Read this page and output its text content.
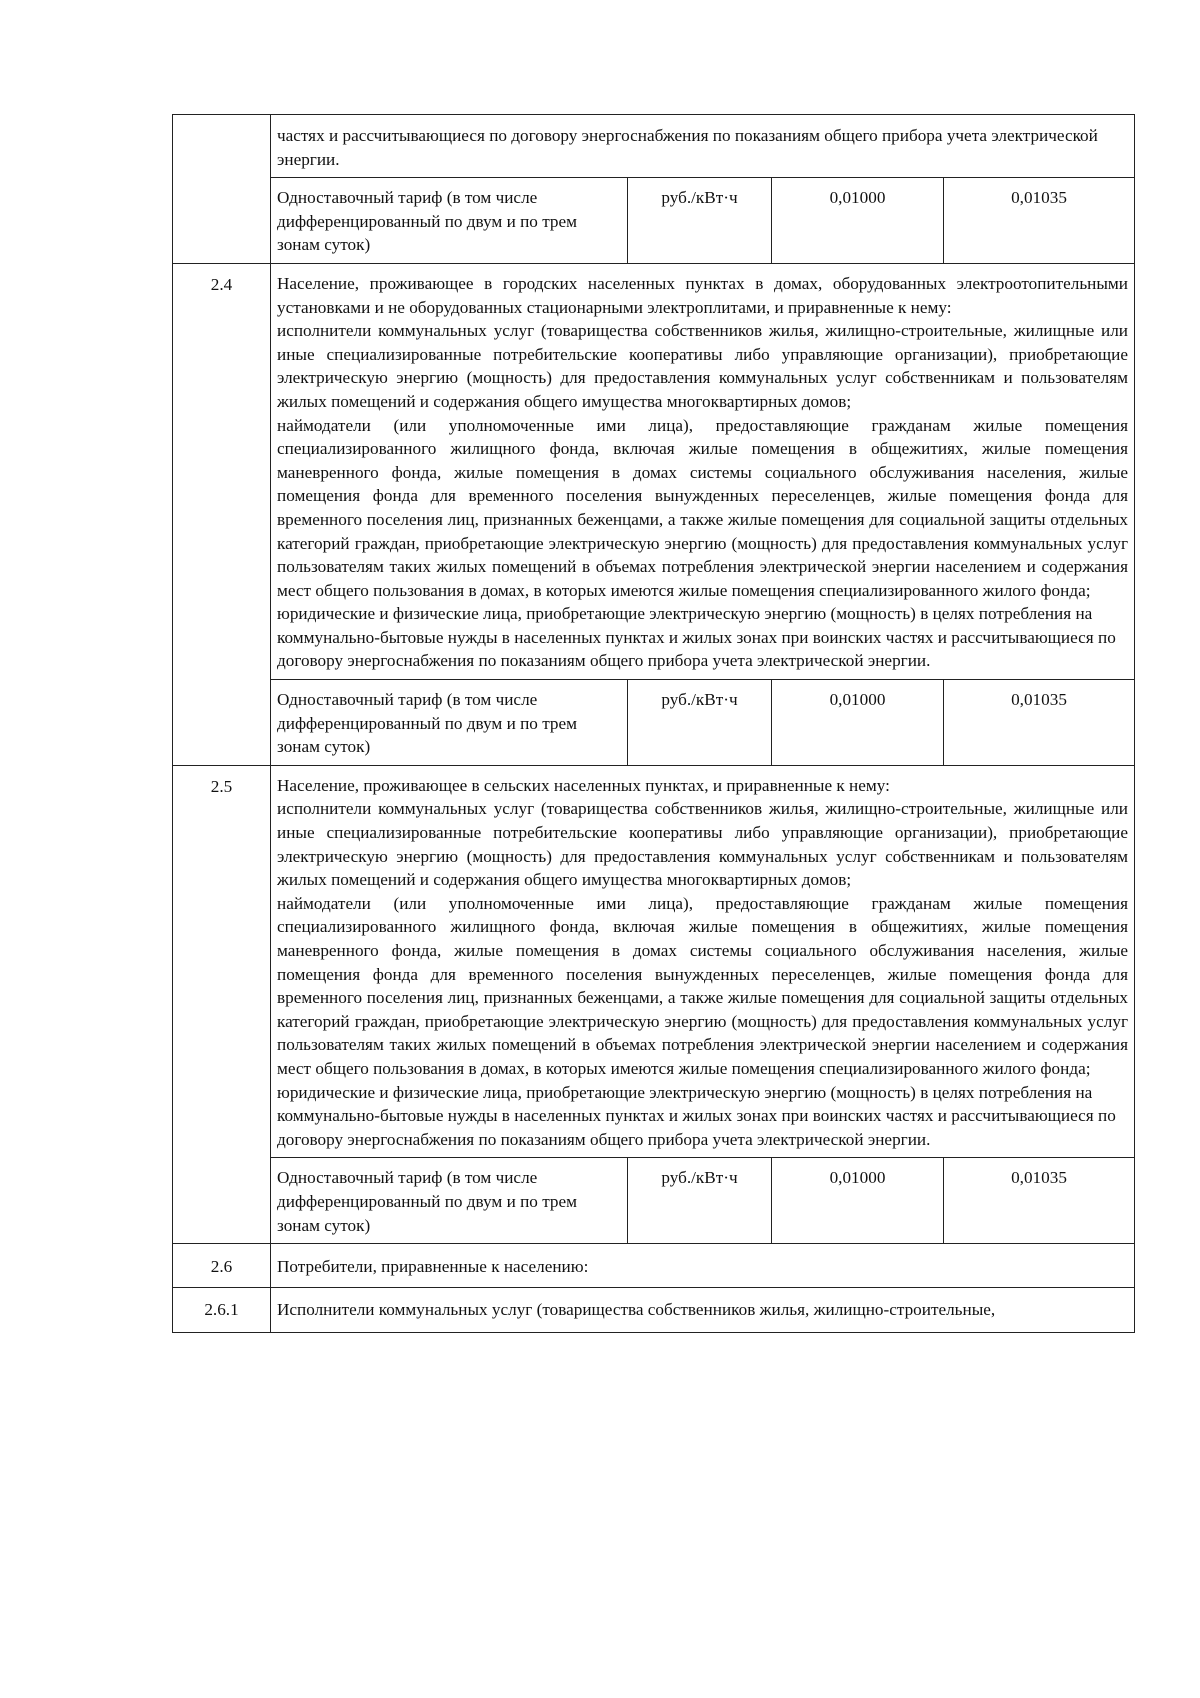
	частях и рассчитывающиеся по договору энергоснабжения по показаниям общего прибора учета электрической энергии.			

	Одноставочный тариф (в том числе дифференцированный по двум и по трем зонам суток)	руб./кВт·ч	0,01000	0,01035
2.4	Население, проживающее в городских населенных пунктах в домах, оборудованных электроотопительными установками и не оборудованных стационарными электроплитами, и приравненные к нему:

исполнители коммунальных услуг (товарищества собственников жилья, жилищно-строительные, жилищные или иные специализированные потребительские кооперативы либо управляющие организации), приобретающие электрическую энергию (мощность) для предоставления коммунальных услуг собственникам и пользователям жилых помещений и содержания общего имущества многоквартирных домов;

наймодатели (или уполномоченные ими лица), предоставляющие гражданам жилые помещения специализированного жилищного фонда, включая жилые помещения в общежитиях, жилые помещения маневренного фонда, жилые помещения в домах системы социального обслуживания населения, жилые помещения фонда для временного поселения вынужденных переселенцев, жилые помещения фонда для временного поселения лиц, признанных беженцами, а также жилые помещения для социальной защиты отдельных категорий граждан, приобретающие электрическую энергию (мощность) для предоставления коммунальных услуг пользователям таких жилых помещений в объемах потребления электрической энергии населением и содержания мест общего пользования в домах, в которых имеются жилые помещения специализированного жилого фонда;

юридические и физические лица, приобретающие электрическую энергию (мощность) в целях потребления на коммунально-бытовые нужды в населенных пунктах и жилых зонах при воинских частях и рассчитывающиеся по договору энергоснабжения по показаниям общего прибора учета электрической энергии.			

	Одноставочный тариф (в том числе дифференцированный по двум и по трем зонам суток)	руб./кВт·ч	0,01000	0,01035
2.5	Население, проживающее в сельских населенных пунктах, и приравненные к нему:

исполнители коммунальных услуг (товарищества собственников жилья, жилищно-строительные, жилищные или иные специализированные потребительские кооперативы либо управляющие организации), приобретающие электрическую энергию (мощность) для предоставления коммунальных услуг собственникам и пользователям жилых помещений и содержания общего имущества многоквартирных домов;

наймодатели (или уполномоченные ими лица), предоставляющие гражданам жилые помещения специализированного жилищного фонда, включая жилые помещения в общежитиях, жилые помещения маневренного фонда, жилые помещения в домах системы социального обслуживания населения, жилые помещения фонда для временного поселения вынужденных переселенцев, жилые помещения фонда для временного поселения лиц, признанных беженцами, а также жилые помещения для социальной защиты отдельных категорий граждан, приобретающие электрическую энергию (мощность) для предоставления коммунальных услуг пользователям таких жилых помещений в объемах потребления электрической энергии населением и содержания мест общего пользования в домах, в которых имеются жилые помещения специализированного жилого фонда;

юридические и физические лица, приобретающие электрическую энергию (мощность) в целях потребления на коммунально-бытовые нужды в населенных пунктах и жилых зонах при воинских частях и рассчитывающиеся по договору энергоснабжения по показаниям общего прибора учета электрической энергии.			

	Одноставочный тариф (в том числе дифференцированный по двум и по трем зонам суток)	руб./кВт·ч	0,01000	0,01035
2.6	Потребители, приравненные к населению:			
2.6.1	Исполнители коммунальных услуг (товарищества собственников жилья, жилищно-строительные,			
